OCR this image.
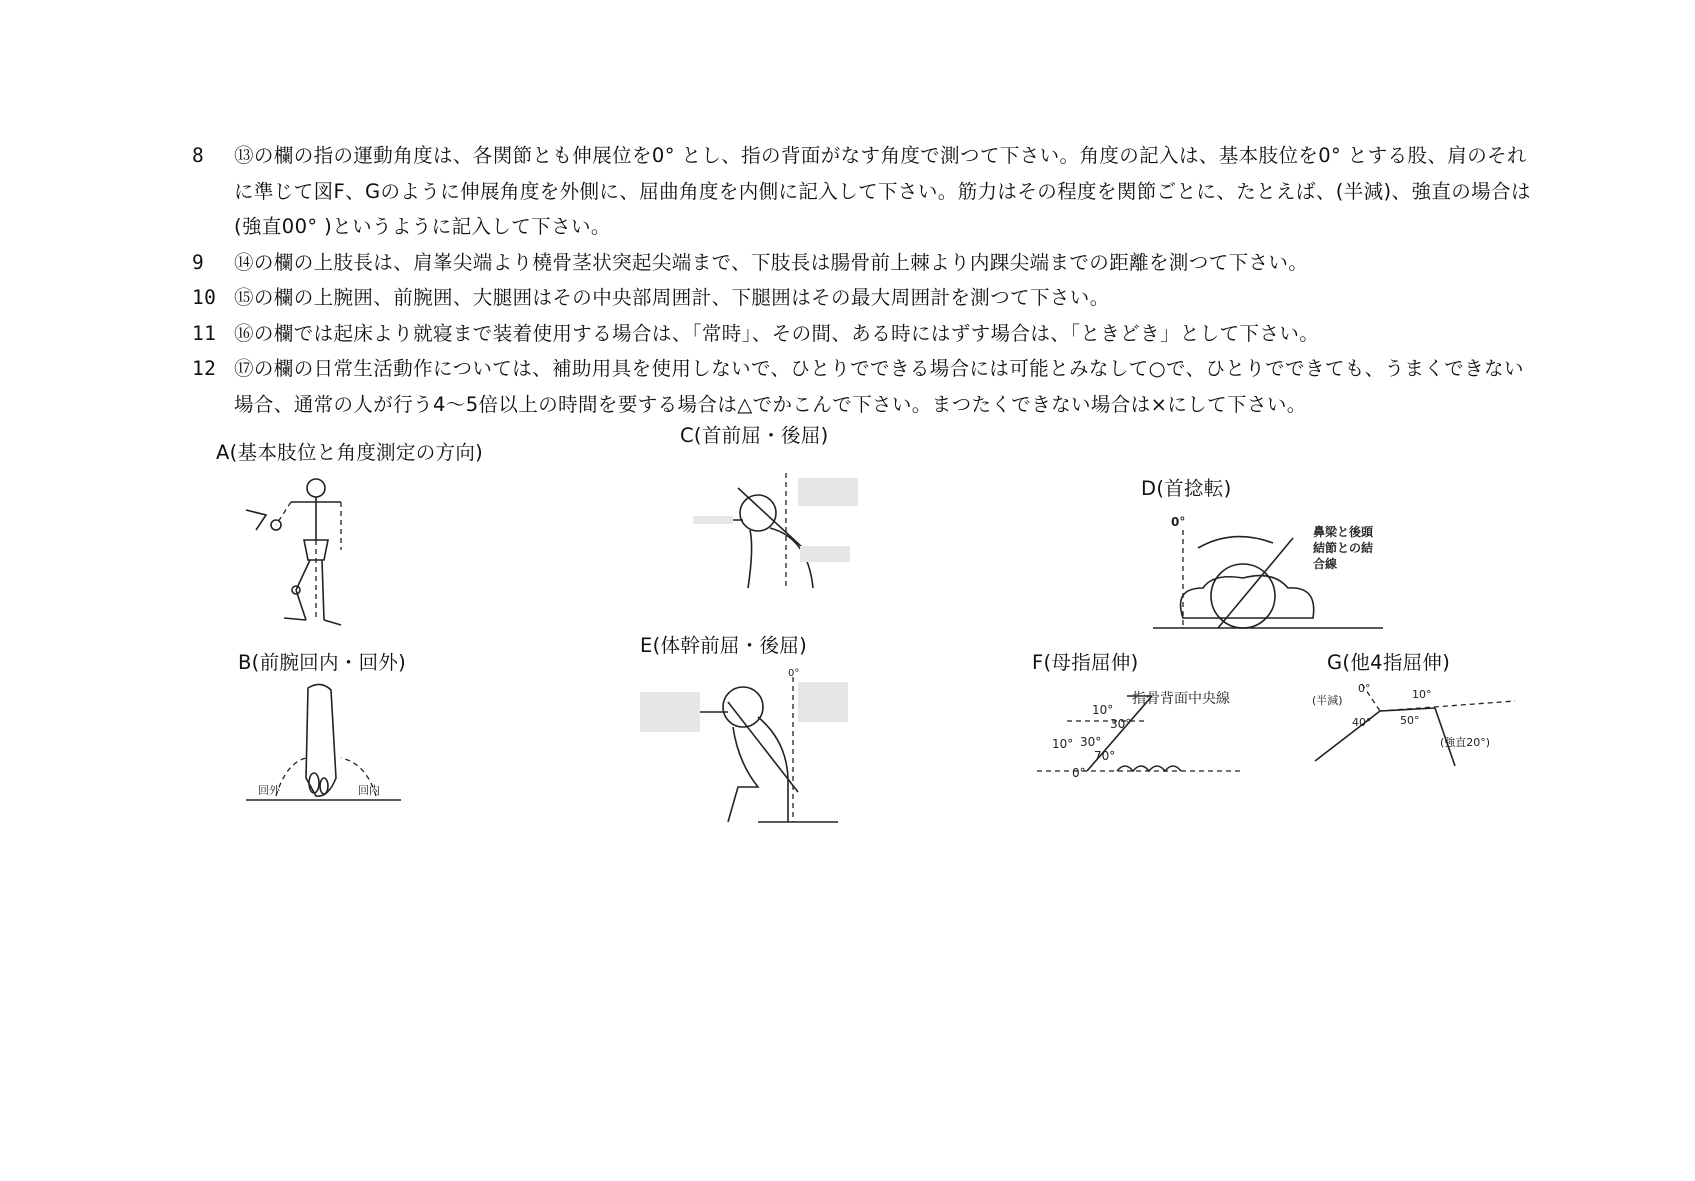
8	⑬の欄の指の運動角度は、各関節とも伸展位を0° とし、指の背面がなす角度で測つて下さい。角度の記入は、基本肢位を0° とする股、肩のそれに準じて図F、Gのように伸展角度を外側に、屈曲角度を内側に記入して下さい。筋力はその程度を関節ごとに、たとえば、(半減)、強直の場合は(強直00° )というように記入して下さい。
9	⑭の欄の上肢長は、肩峯尖端より橈骨茎状突起尖端まで、下肢長は腸骨前上棘より内踝尖端までの距離を測つて下さい。
10 ⑮の欄の上腕囲、前腕囲、大腿囲はその中央部周囲計、下腿囲はその最大周囲計を測つて下さい。
11 ⑯の欄では起床より就寝まで装着使用する場合は、「常時」、その間、ある時にはずす場合は、「ときどき」として下さい。
12 ⑰の欄の日常生活動作については、補助用具を使用しないで、ひとりでできる場合には可能とみなして○で、ひとりでできても、うまくできない場合、通常の人が行う4～5倍以上の時間を要する場合は△でかこんで下さい。まつたくできない場合は×にして下さい。
A(基本肢位と角度測定の方向)
C(首前屈・後屈)
D(首捻転)
B(前腕回内・回外)
E(体幹前屈・後屈)
F(母指屈伸)	G(他4指屈伸)
回外	回内
0°
鼻梁と後頭
結節との結
合線
0°
指骨背面中央線
10°
30°
10° 30°
70°
0°
(半減)
0°
40°
10°
50°
(強直20°)
